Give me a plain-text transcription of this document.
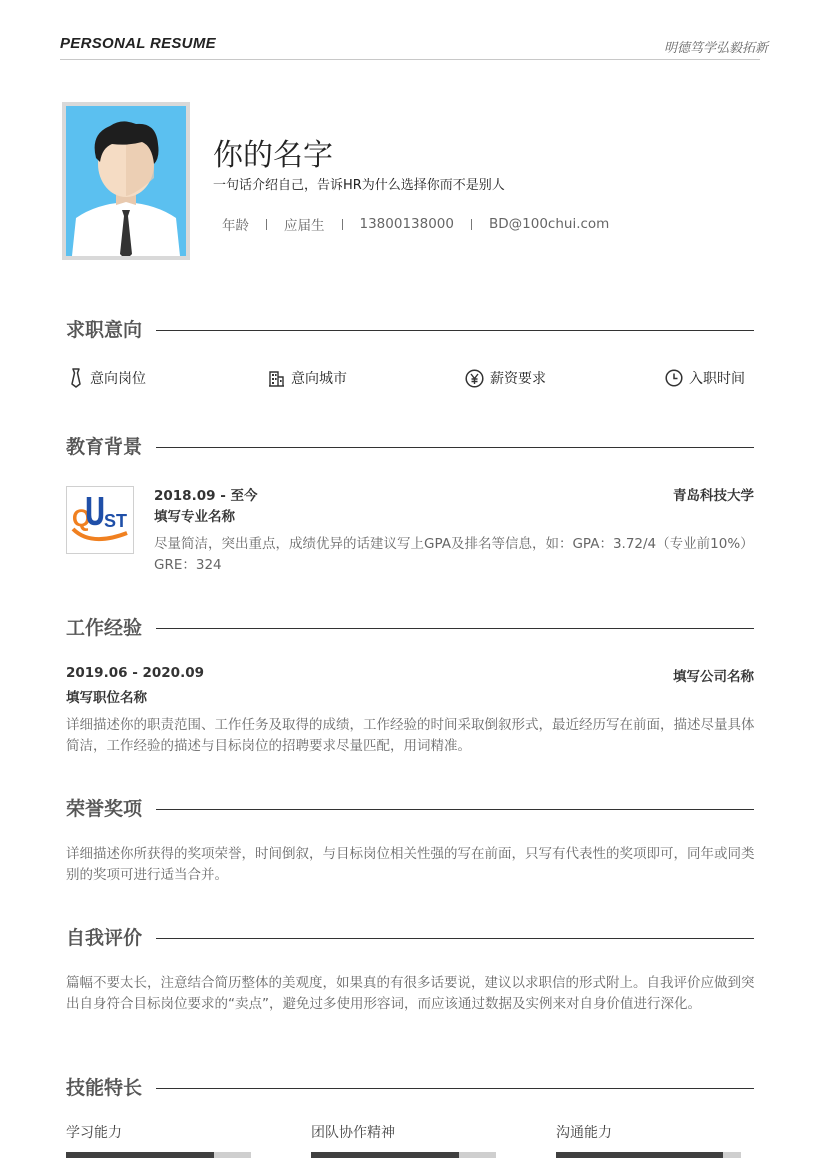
PERSONAL RESUME	明德笃学弘毅拓新
你的名字
一句话介绍自己，告诉HR为什么选择你而不是别人
年龄	应届生	13800138000	BD@100chui.com
求职意向
意向岗位	意向城市	薪资要求	入职时间
教育背景
Q ST
2018.09 - 至今	青岛科技大学
填写专业名称
尽量简洁，突出重点，成绩优异的话建议写上GPA及排名等信息，如：GPA：3.72/4（专业前10%） GRE：324
工作经验
2019.06 - 2020.09	填写公司名称
填写职位名称
详细描述你的职责范围、工作任务及取得的成绩，工作经验的时间采取倒叙形式，最近经历写在前面，描述尽量具体简洁，工作经验的描述与目标岗位的招聘要求尽量匹配，用词精准。
荣誉奖项
详细描述你所获得的奖项荣誉，时间倒叙，与目标岗位相关性强的写在前面，只写有代表性的奖项即可，同年或同类别的奖项可进行适当合并。
自我评价
篇幅不要太长，注意结合简历整体的美观度，如果真的有很多话要说，建议以求职信的形式附上。自我评价应做到突出自身符合目标岗位要求的“卖点”，避免过多使用形容词，而应该通过数据及实例来对自身价值进行深化。
技能特长
学习能力	团队协作精神	沟通能力
